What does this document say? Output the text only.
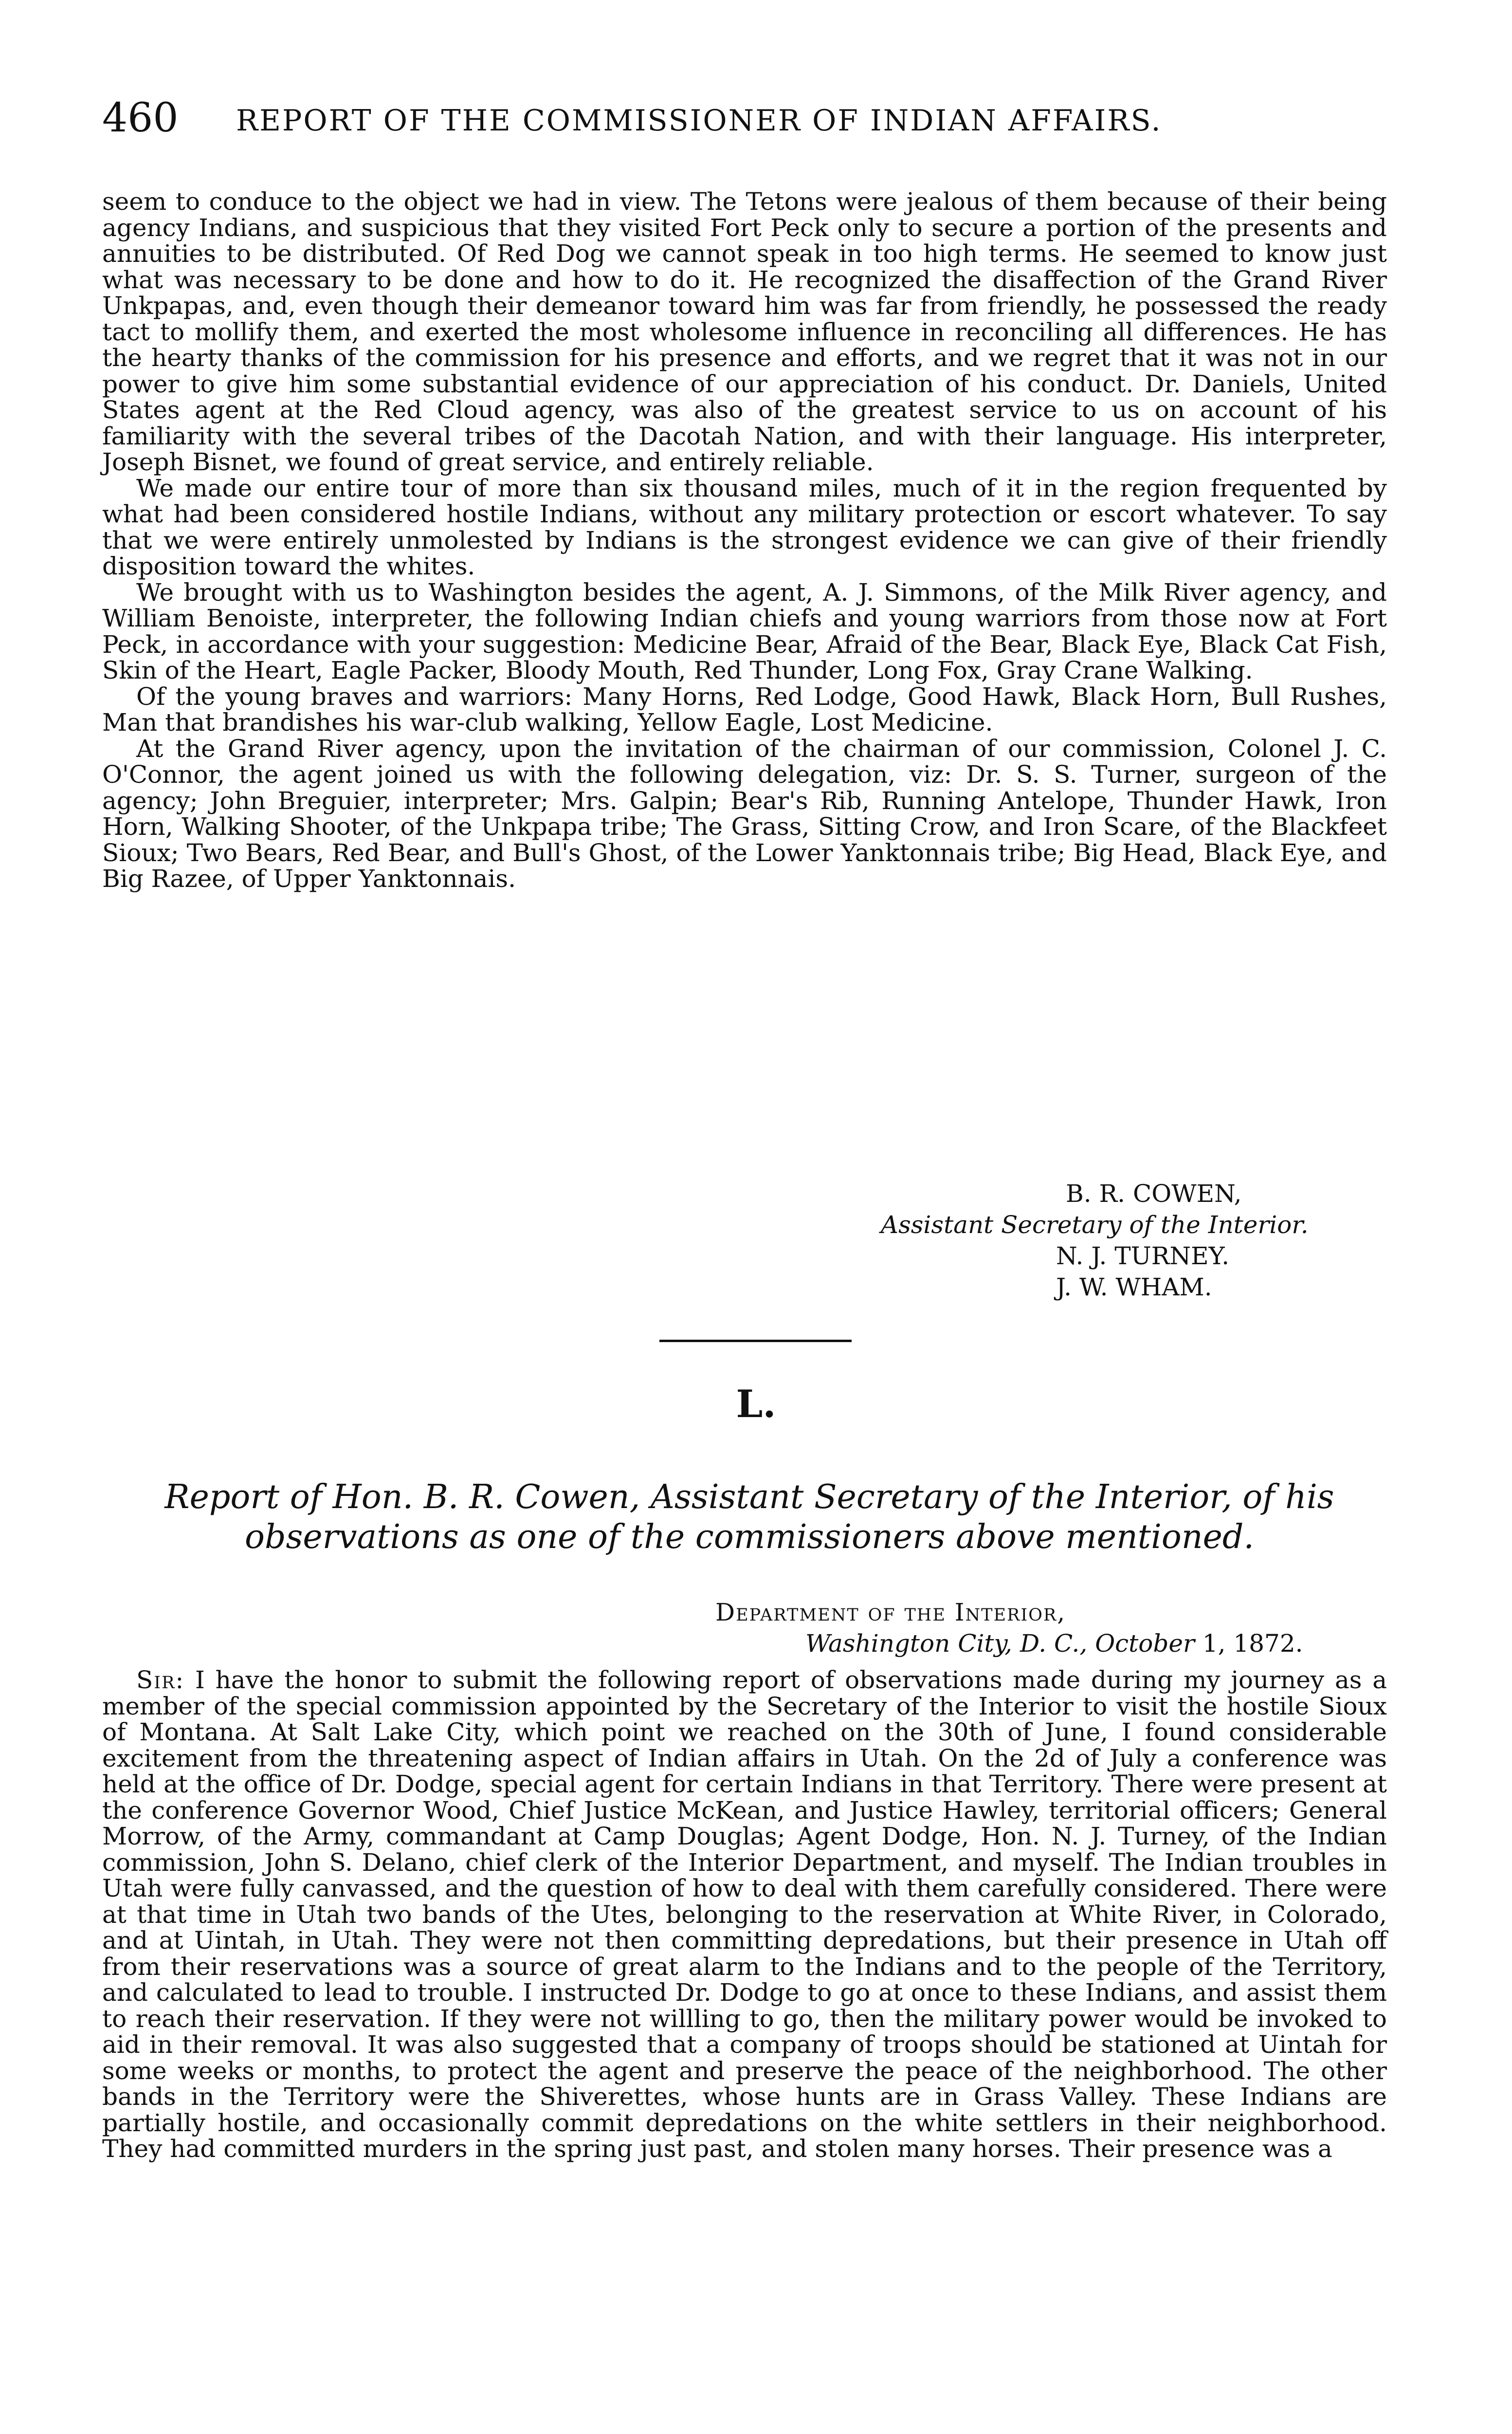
460 REPORT OF THE COMMISSIONER OF INDIAN AFFAIRS.

seem to conduce to the object we had in view. The Tetons were jealous of them because of their being agency Indians, and suspicious that they visited Fort Peck only to secure a portion of the presents and annuities to be distributed. Of Red Dog we cannot speak in too high terms. He seemed to know just what was necessary to be done and how to do it. He recognized the disaffection of the Grand River Unkpapas, and, even though their demeanor toward him was far from friendly, he possessed the ready tact to mollify them, and exerted the most wholesome influence in reconciling all differences. He has the hearty thanks of the commission for his presence and efforts, and we regret that it was not in our power to give him some substantial evidence of our appreciation of his conduct. Dr. Daniels, United States agent at the Red Cloud agency, was also of the greatest service to us on account of his familiarity with the several tribes of the Dacotah Nation, and with their language. His interpreter, Joseph Bisnet, we found of great service, and entirely reliable.

We made our entire tour of more than six thousand miles, much of it in the region frequented by what had been considered hostile Indians, without any military protection or escort whatever. To say that we were entirely unmolested by Indians is the strongest evidence we can give of their friendly disposition toward the whites.

We brought with us to Washington besides the agent, A. J. Simmons, of the Milk River agency, and William Benoiste, interpreter, the following Indian chiefs and young warriors from those now at Fort Peck, in accordance with your suggestion: Medicine Bear, Afraid of the Bear, Black Eye, Black Cat Fish, Skin of the Heart, Eagle Packer, Bloody Mouth, Red Thunder, Long Fox, Gray Crane Walking.

Of the young braves and warriors: Many Horns, Red Lodge, Good Hawk, Black Horn, Bull Rushes, Man that brandishes his war-club walking, Yellow Eagle, Lost Medicine.

At the Grand River agency, upon the invitation of the chairman of our commission, Colonel J. C. O'Connor, the agent joined us with the following delegation, viz: Dr. S. S. Turner, surgeon of the agency; John Breguier, interpreter; Mrs. Galpin; Bear's Rib, Running Antelope, Thunder Hawk, Iron Horn, Walking Shooter, of the Unkpapa tribe; The Grass, Sitting Crow, and Iron Scare, of the Blackfeet Sioux; Two Bears, Red Bear, and Bull's Ghost, of the Lower Yanktonnais tribe; Big Head, Black Eye, and Big Razee, of Upper Yanktonnais.

B. R. COWEN,
Assistant Secretary of the Interior.
N. J. TURNEY.
J. W. WHAM.
L.
Report of Hon. B. R. Cowen, Assistant Secretary of the Interior, of his
observations as one of the commissioners above mentioned.
Department of the Interior,
Washington City, D. C., October 1, 1872.

Sir: I have the honor to submit the following report of observations made during my journey as a member of the special commission appointed by the Secretary of the Interior to visit the hostile Sioux of Montana. At Salt Lake City, which point we reached on the 30th of June, I found considerable excitement from the threatening aspect of Indian affairs in Utah. On the 2d of July a conference was held at the office of Dr. Dodge, special agent for certain Indians in that Territory. There were present at the conference Governor Wood, Chief Justice McKean, and Justice Hawley, territorial officers; General Morrow, of the Army, commandant at Camp Douglas; Agent Dodge, Hon. N. J. Turney, of the Indian commission, John S. Delano, chief clerk of the Interior Department, and myself. The Indian troubles in Utah were fully canvassed, and the question of how to deal with them carefully considered. There were at that time in Utah two bands of the Utes, belonging to the reservation at White River, in Colorado, and at Uintah, in Utah. They were not then committing depredations, but their presence in Utah off from their reservations was a source of great alarm to the Indians and to the people of the Territory, and calculated to lead to trouble. I instructed Dr. Dodge to go at once to these Indians, and assist them to reach their reservation. If they were not willling to go, then the military power would be invoked to aid in their removal. It was also suggested that a company of troops should be stationed at Uintah for some weeks or months, to protect the agent and preserve the peace of the neighborhood. The other bands in the Territory were the Shiverettes, whose hunts are in Grass Valley. These Indians are partially hostile, and occasionally commit depredations on the white settlers in their neighborhood. They had committed murders in the spring just past, and stolen many horses. Their presence was a
